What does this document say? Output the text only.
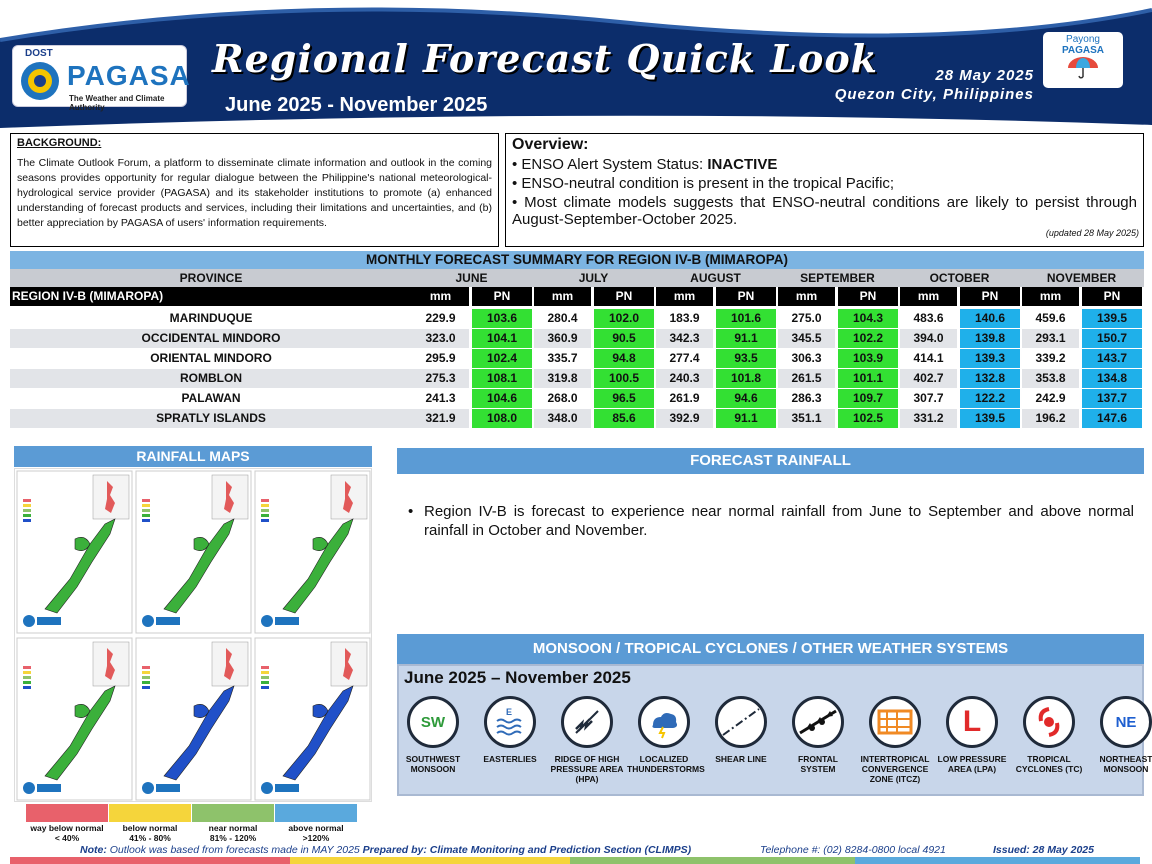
DOST
PAGASA
The Weather and Climate Authority
Regional Forecast Quick Look
June 2025 - November 2025
28 May 2025
Quezon City, Philippines
Payong
PAGASA
BACKGROUND:
The Climate Outlook Forum, a platform to disseminate climate information and outlook in the coming seasons provides opportunity for regular dialogue between the Philippine's national meteorological-hydrological service provider (PAGASA) and its stakeholder institutions to promote (a) enhanced understanding of forecast products and services, including their limitations and uncertainties, and (b) better appreciation by PAGASA of users' information requirements.
Overview:
• ENSO Alert System Status: INACTIVE
• ENSO-neutral condition is present in the tropical Pacific;
• Most climate models suggests that ENSO-neutral conditions are likely to persist through August-September-October 2025.
(updated 28 May 2025)
MONTHLY FORECAST SUMMARY FOR REGION IV-B (MIMAROPA)
PROVINCE	JUNE	JULY	AUGUST	SEPTEMBER	OCTOBER	NOVEMBER
REGION IV-B (MIMAROPA)	mm	PN	mm	PN	mm	PN	mm	PN	mm	PN	mm	PN
MARINDUQUE	229.9	103.6	280.4	102.0	183.9	101.6	275.0	104.3	483.6	140.6	459.6	139.5
OCCIDENTAL MINDORO	323.0	104.1	360.9	90.5	342.3	91.1	345.5	102.2	394.0	139.8	293.1	150.7
ORIENTAL MINDORO	295.9	102.4	335.7	94.8	277.4	93.5	306.3	103.9	414.1	139.3	339.2	143.7
ROMBLON	275.3	108.1	319.8	100.5	240.3	101.8	261.5	101.1	402.7	132.8	353.8	134.8
PALAWAN	241.3	104.6	268.0	96.5	261.9	94.6	286.3	109.7	307.7	122.2	242.9	137.7
SPRATLY ISLANDS	321.9	108.0	348.0	85.6	392.9	91.1	351.1	102.5	331.2	139.5	196.2	147.6
RAINFALL MAPS
way below normal
< 40%
below normal
41% - 80%
near normal
81% - 120%
above normal
>120%
FORECAST RAINFALL
• Region IV-B is forecast to experience near normal rainfall from June to September and above normal rainfall in October and November.
MONSOON / TROPICAL CYCLONES / OTHER WEATHER SYSTEMS
June 2025 – November 2025
SW
SOUTHWEST MONSOON
E
EASTERLIES	RIDGE OF HIGH PRESSURE AREA (HPA)
LOCALIZED THUNDERSTORMS
SHEAR LINE	FRONTAL SYSTEM
INTERTROPICAL CONVERGENCE ZONE (ITCZ)
L
LOW PRESSURE AREA (LPA)
TROPICAL CYCLONES (TC)
NE
NORTHEAST MONSOON
Note: Outlook was based from forecasts made in MAY 2025 Prepared by: Climate Monitoring and Prediction Section (CLIMPS)	Telephone #: (02) 8284-0800 local 4921	Issued: 28 May 2025
